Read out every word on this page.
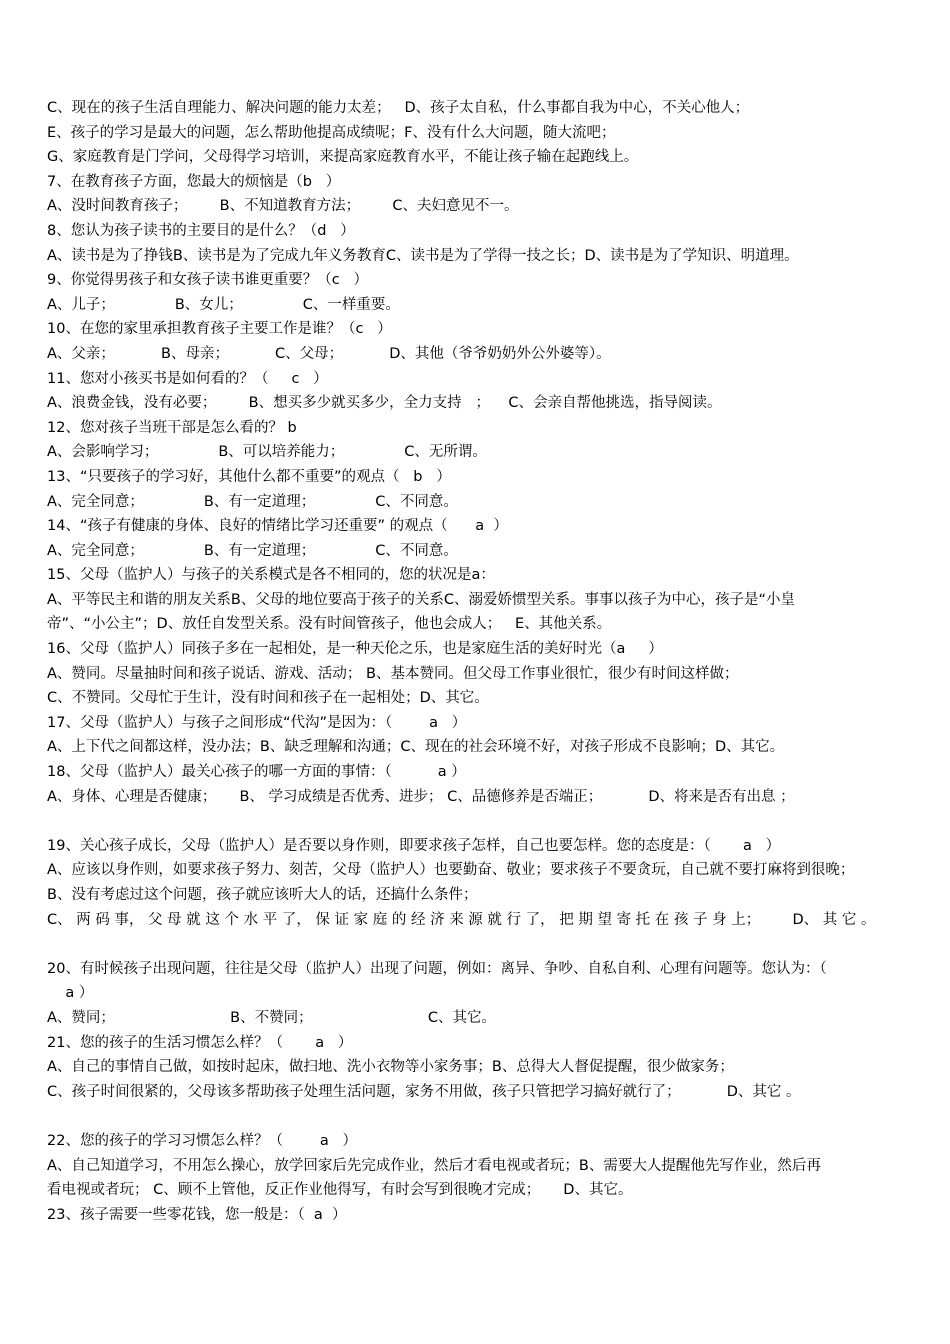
C、现在的孩子生活自理能力、解决问题的能力太差；   D、孩子太自私，什么事都自我为中心，不关心他人；
E、孩子的学习是最大的问题，怎么帮助他提高成绩呢；F、没有什么大问题，随大流吧；
G、家庭教育是门学问，父母得学习培训，来提高家庭教育水平，不能让孩子输在起跑线上。
7、在教育孩子方面，您最大的烦恼是（b   ）
A、没时间教育孩子；       B、不知道教育方法；       C、夫妇意见不一。
8、您认为孩子读书的主要目的是什么？（d   ）
A、读书是为了挣钱B、读书是为了完成九年义务教育C、读书是为了学得一技之长；D、读书是为了学知识、明道理。
9、你觉得男孩子和女孩子读书谁更重要？（c   ）
A、儿子；             B、女儿；             C、一样重要。
10、在您的家里承担教育孩子主要工作是谁？（c   ）
A、父亲；          B、母亲；          C、父母；          D、其他（爷爷奶奶外公外婆等）。
11、您对小孩买书是如何看的？（     c   ）
A、浪费金钱，没有必要；       B、想买多少就买多少，全力支持   ；    C、会亲自帮他挑选，指导阅读。
12、您对孩子当班干部是怎么看的？ b
A、会影响学习；             B、可以培养能力；             C、无所谓。
13、“只要孩子的学习好，其他什么都不重要”的观点（   b   ）
A、完全同意；             B、有一定道理；             C、不同意。
14、“孩子有健康的身体、良好的情绪比学习还重要” 的观点（      a  ）
A、完全同意；             B、有一定道理；             C、不同意。
15、父母（监护人）与孩子的关系模式是各不相同的，您的状况是a：
A、平等民主和谐的朋友关系B、父母的地位要高于孩子的关系C、溺爱娇惯型关系。事事以孩子为中心，孩子是“小皇
帝”、“小公主”；D、放任自发型关系。没有时间管孩子，他也会成人；   E、其他关系。
16、父母（监护人）同孩子多在一起相处，是一种天伦之乐，也是家庭生活的美好时光（a     ）
A、赞同。尽量抽时间和孩子说话、游戏、活动； B、基本赞同。但父母工作事业很忙，很少有时间这样做；
C、不赞同。父母忙于生计，没有时间和孩子在一起相处；D、其它。
17、父母（监护人）与孩子之间形成“代沟”是因为：（        a   ）
A、上下代之间都这样，没办法；B、缺乏理解和沟通；C、现在的社会环境不好，对孩子形成不良影响；D、其它。
18、父母（监护人）最关心孩子的哪一方面的事情：（          a ）
A、身体、心理是否健康；     B、 学习成绩是否优秀、进步； C、品德修养是否端正；          D、将来是否有出息 ；
19、关心孩子成长，父母（监护人）是否要以身作则，即要求孩子怎样，自己也要怎样。您的态度是：（       a   ）
A、应该以身作则，如要求孩子努力、刻苦，父母（监护人）也要勤奋、敬业；要求孩子不要贪玩，自己就不要打麻将到很晚；
B、没有考虑过这个问题，孩子就应该听大人的话，还搞什么条件；
C、 两 码 事， 父 母 就 这 个 水 平 了， 保 证 家 庭 的 经 济 来 源 就 行 了， 把 期 望 寄 托 在 孩 子 身 上；       D、 其 它 。
20、有时候孩子出现问题，往往是父母（监护人）出现了问题，例如：离异、争吵、自私自利、心理有问题等。您认为：（
a ）
A、赞同；                         B、不赞同；                         C、其它。
21、您的孩子的生活习惯怎么样？（       a   ）
A、自己的事情自己做，如按时起床，做扫地、洗小衣物等小家务事；B、总得大人督促提醒，很少做家务；
C、孩子时间很紧的，父母该多帮助孩子处理生活问题，家务不用做，孩子只管把学习搞好就行了；          D、其它 。
22、您的孩子的学习习惯怎么样？（        a   ）
A、自己知道学习，不用怎么操心，放学回家后先完成作业，然后才看电视或者玩；B、需要大人提醒他先写作业，然后再
看电视或者玩； C、顾不上管他，反正作业他得写，有时会写到很晚才完成；     D、其它。
23、孩子需要一些零花钱，您一般是：（  a  ）
